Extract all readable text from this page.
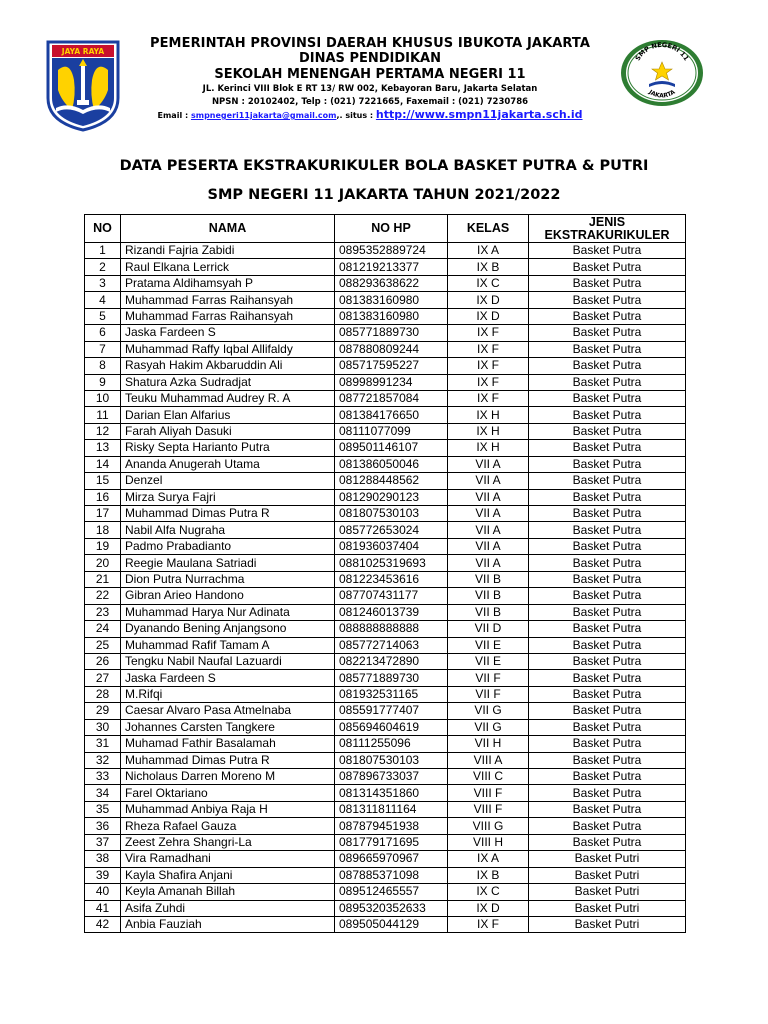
JAYA RAYA
PEMERINTAH PROVINSI DAERAH KHUSUS IBUKOTA JAKARTA
DINAS PENDIDIKAN
SEKOLAH MENENGAH PERTAMA NEGERI 11
JL. Kerinci VIII Blok E RT 13/ RW 002, Kebayoran Baru, Jakarta Selatan
NPSN : 20102402, Telp : (021) 7221665, Faxemail : (021) 7230786
Email : smpnegeri11jakarta@gmail.com,. situs : http://www.smpn11jakarta.sch.id
SMP NEGERI 11
JAKARTA
DATA PESERTA EKSTRAKURIKULER BOLA BASKET PUTRA & PUTRI
SMP NEGERI 11 JAKARTA TAHUN 2021/2022
NO	NAMA	NO HP	KELAS	JENIS EKSTRAKURIKULER
1	Rizandi Fajria Zabidi	0895352889724	IX A	Basket Putra
2	Raul Elkana Lerrick	081219213377	IX B	Basket Putra
3	Pratama Aldihamsyah P	088293638622	IX C	Basket Putra
4	Muhammad Farras Raihansyah	081383160980	IX D	Basket Putra
5	Muhammad Farras Raihansyah	081383160980	IX D	Basket Putra
6	Jaska Fardeen S	085771889730	IX F	Basket Putra
7	Muhammad Raffy Iqbal Allifaldy	087880809244	IX F	Basket Putra
8	Rasyah Hakim Akbaruddin Ali	085717595227	IX F	Basket Putra
9	Shatura Azka Sudradjat	08998991234	IX F	Basket Putra
10	Teuku Muhammad Audrey R. A	087721857084	IX F	Basket Putra
11	Darian Elan Alfarius	081384176650	IX H	Basket Putra
12	Farah Aliyah Dasuki	08111077099	IX H	Basket Putra
13	Risky Septa Harianto Putra	089501146107	IX H	Basket Putra
14	Ananda Anugerah Utama	081386050046	VII A	Basket Putra
15	Denzel	081288448562	VII A	Basket Putra
16	Mirza Surya Fajri	081290290123	VII A	Basket Putra
17	Muhammad Dimas Putra R	081807530103	VII A	Basket Putra
18	Nabil Alfa Nugraha	085772653024	VII A	Basket Putra
19	Padmo Prabadianto	081936037404	VII A	Basket Putra
20	Reegie Maulana Satriadi	0881025319693	VII A	Basket Putra
21	Dion Putra Nurrachma	081223453616	VII B	Basket Putra
22	Gibran Arieo Handono	087707431177	VII B	Basket Putra
23	Muhammad Harya Nur Adinata	081246013739	VII B	Basket Putra
24	Dyanando Bening Anjangsono	088888888888	VII D	Basket Putra
25	Muhammad Rafif Tamam A	085772714063	VII E	Basket Putra
26	Tengku Nabil Naufal Lazuardi	082213472890	VII E	Basket Putra
27	Jaska Fardeen S	085771889730	VII F	Basket Putra
28	M.Rifqi	081932531165	VII F	Basket Putra
29	Caesar Alvaro Pasa Atmelnaba	085591777407	VII G	Basket Putra
30	Johannes Carsten Tangkere	085694604619	VII G	Basket Putra
31	Muhamad Fathir Basalamah	08111255096	VII H	Basket Putra
32	Muhammad Dimas Putra R	081807530103	VIII A	Basket Putra
33	Nicholaus Darren Moreno M	087896733037	VIII C	Basket Putra
34	Farel Oktariano	081314351860	VIII F	Basket Putra
35	Muhammad Anbiya Raja H	081311811164	VIII F	Basket Putra
36	Rheza Rafael Gauza	087879451938	VIII G	Basket Putra
37	Zeest Zehra Shangri-La	081779171695	VIII H	Basket Putra
38	Vira Ramadhani	089665970967	IX A	Basket Putri
39	Kayla Shafira Anjani	087885371098	IX B	Basket Putri
40	Keyla Amanah Billah	089512465557	IX C	Basket Putri
41	Asifa Zuhdi	0895320352633	IX D	Basket Putri
42	Anbia Fauziah	089505044129	IX F	Basket Putri
